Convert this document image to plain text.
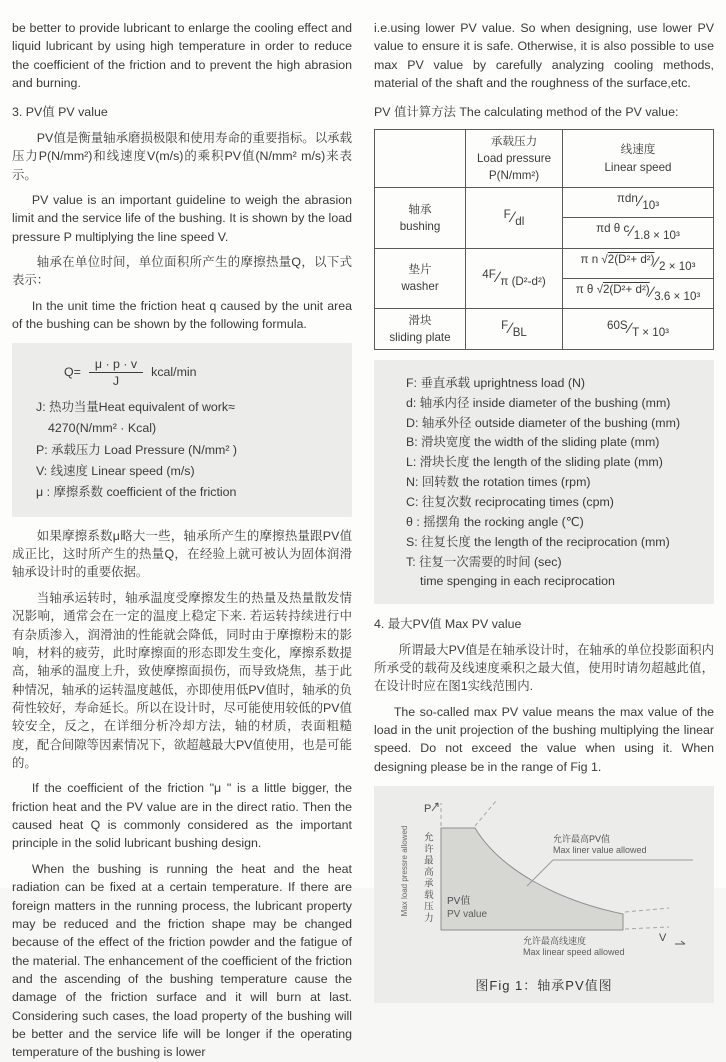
be better to provide lubricant to enlarge the cooling effect and liquid lubricant by using high temperature in order to reduce the coefficient of the friction and to prevent the high abrasion and burning.

3. PV值 PV value

PV值是衡量轴承磨损极限和使用寿命的重要指标。以承载压力P(N/mm²)和线速度V(m/s)的乘积PV值(N/mm² m/s)来表示。

PV value is an important guideline to weigh the abrasion limit and the service life of the bushing. It is shown by the load pressure P multiplying the line speed V.

轴承在单位时间，单位面积所产生的摩擦热量Q，以下式表示：

In the unit time the friction heat q caused by the unit area of the bushing can be shown by the following formula.

$Q= \frac{\mu \cdot p \cdot v}{J}$ kcal/min
J: 热功当量Heat equivalent of work≈
4270(N/mm² · Kcal)
P: 承载压力 Load Pressure (N/mm² )
V: 线速度 Linear speed (m/s)
μ : 摩擦系数 coefficient of the friction

如果摩擦系数μ略大一些，轴承所产生的摩擦热量跟PV值成正比，这时所产生的热量Q，在经验上就可被认为固体润滑轴承设计时的重要依据。

当轴承运转时，轴承温度受摩擦发生的热量及热量散发情况影响，通常会在一定的温度上稳定下来. 若运转持续进行中有杂质渗入，润滑油的性能就会降低，同时由于摩擦粉末的影响，材料的疲劳，此时摩擦面的形态即发生变化，摩擦系数提高，轴承的温度上升，致使摩擦面损伤，而导致烧焦，基于此种情况，轴承的运转温度越低，亦即使用低PV值时，轴承的负荷性较好，寿命延长。所以在设计时，尽可能使用较低的PV值较安全，反之，在详细分析冷却方法，轴的材质，表面粗糙度，配合间隙等因素情况下，欲超越最大PV值使用，也是可能的。

If the coefficient of the friction "μ " is a little bigger, the friction heat and the PV value are in the direct ratio. Then the caused heat Q is commonly considered as the important principle in the solid lubricant bushing design.

When the bushing is running the heat and the heat radiation can be fixed at a certain temperature. If there are foreign matters in the running process, the lubricant property may be reduced and the friction shape may be changed because of the effect of the friction powder and the fatigue of the material. The enhancement of the coefficient of the friction and the ascending of the bushing temperature cause the damage of the friction surface and it will burn at last. Considering such cases, the load property of the bushing will be better and the service life will be longer if the operating temperature of the bushing is lower

i.e.using lower PV value. So when designing, use lower PV value to ensure it is safe. Otherwise, it is also possible to use max PV value by carefully analyzing cooling methods, material of the shaft and the roughness of the surface,etc.

PV 值计算方法 The calculating method of the PV value:

	承载压力
Load pressure
P(N/mm²)	线速度
Linear speed
轴承
bushing	F∕dl	πdn∕10³
πd θ c∕1.8 × 10³

垫片
washer	4F∕π (D²-d²)	π n √2(D²+ d²)∕2 × 10³
π θ √2(D²+ d²)∕3.6 × 10³

滑块
sliding plate	F∕BL	60S∕T × 10³
F: 垂直承载 uprightness load (N)
d: 轴承内径 inside diameter of the bushing (mm)
D: 轴承外径 outside diameter of the bushing (mm)
B: 滑块宽度 the width of the sliding plate (mm)
L: 滑块长度 the length of the sliding plate (mm)
N: 回转数 the rotation times (rpm)
C: 往复次数 reciprocating times (cpm)
θ : 摇摆角 the rocking angle (℃)
S: 往复长度 the length of the reciprocation (mm)
T: 往复一次需要的时间 (sec)
time spenging in each reciprocation

4. 最大PV值 Max PV value

所谓最大PV值是在轴承设计时，在轴承的单位投影面积内所承受的载荷及线速度乘积之最大值，使用时请勿超越此值，在设计时应在图1实线范围内.

The so-called max PV value means the max value of the load in the unit projection of the bushing multiplying the linear speed. Do not exceed the value when using it. When designing please be in the range of Fig 1.

P
Max load pressre allowed 允许最高承载压力	允许最高PV值
Max liner value allowed
PV值
PV value
允许最高线速度
Max linear speed allowed
V
图Fig 1：轴承PV值图
